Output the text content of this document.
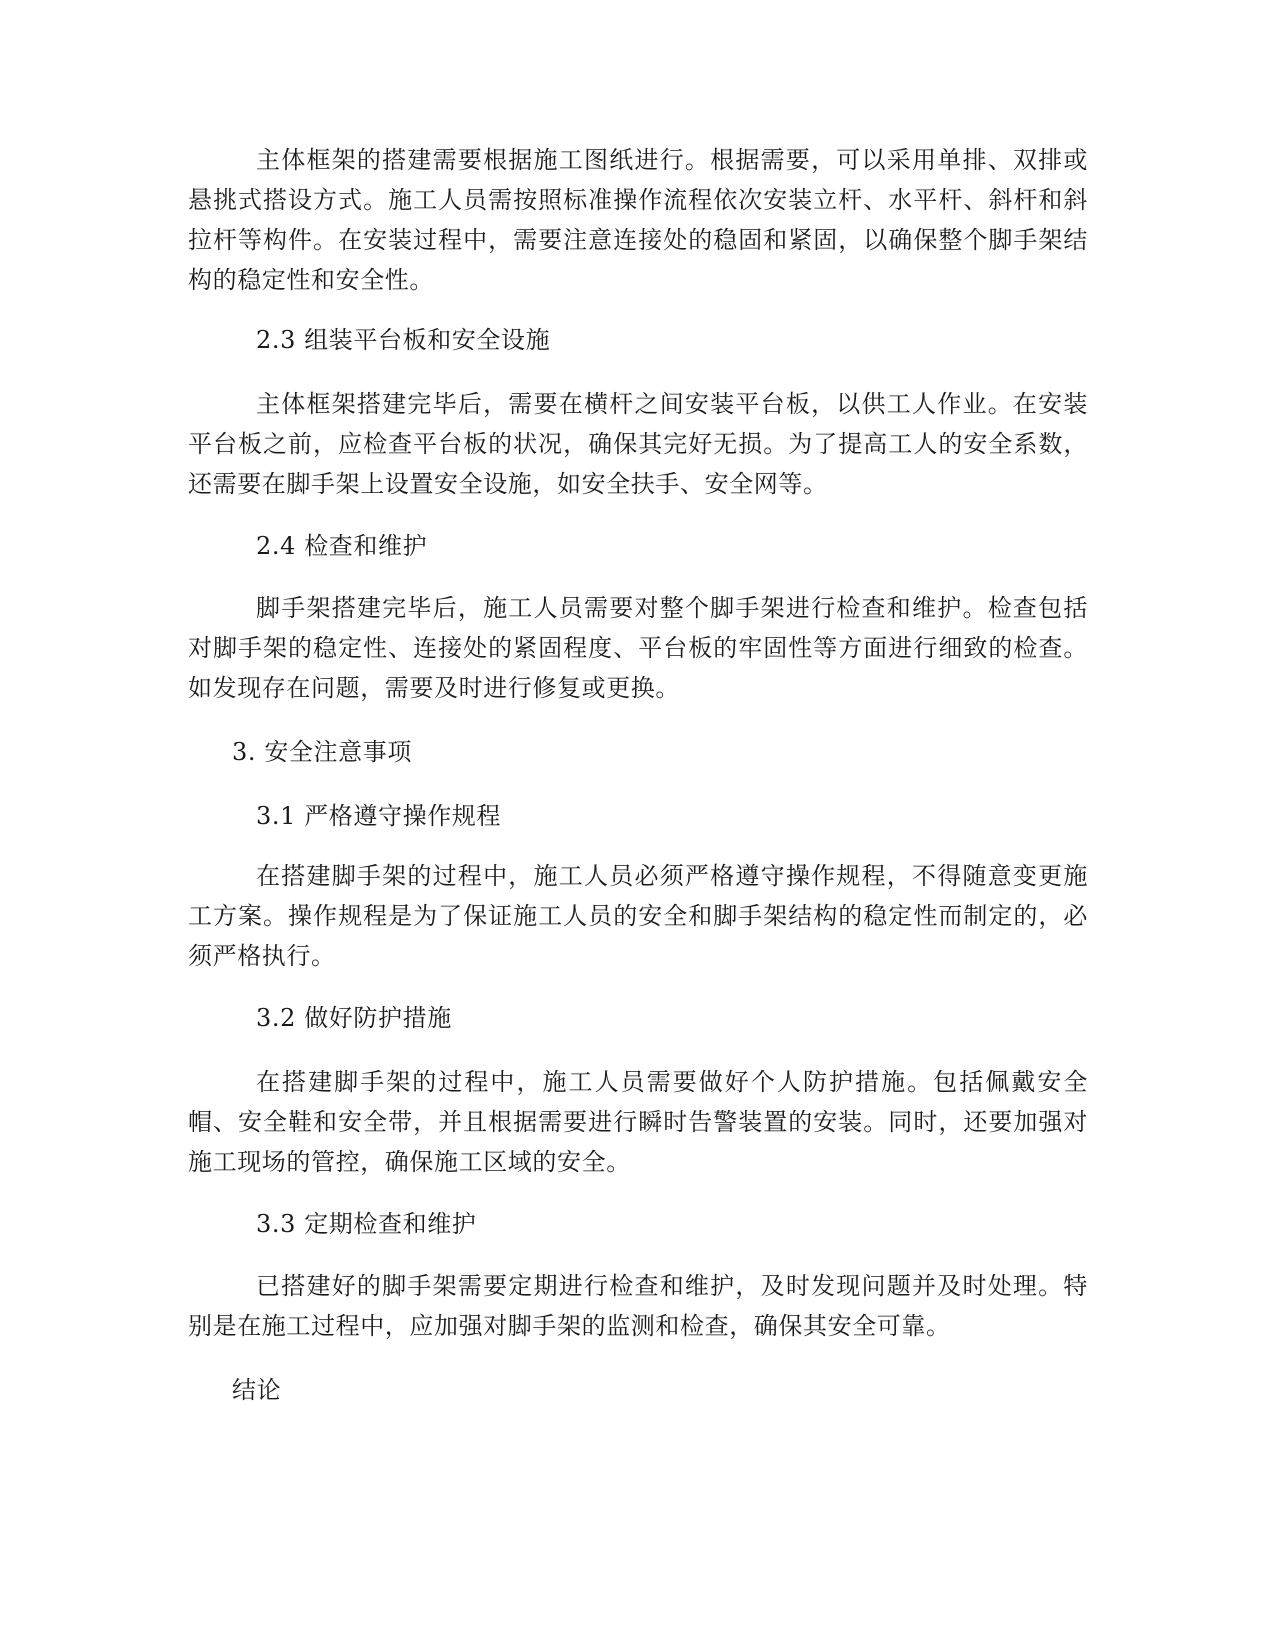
主体框架的搭建需要根据施工图纸进行。根据需要，可以采用单排、双排或悬挑式搭设方式。施工人员需按照标准操作流程依次安装立杆、水平杆、斜杆和斜拉杆等构件。在安装过程中，需要注意连接处的稳固和紧固，以确保整个脚手架结构的稳定性和安全性。

2.3 组装平台板和安全设施

主体框架搭建完毕后，需要在横杆之间安装平台板，以供工人作业。在安装平台板之前，应检查平台板的状况，确保其完好无损。为了提高工人的安全系数，还需要在脚手架上设置安全设施，如安全扶手、安全网等。

2.4 检查和维护

脚手架搭建完毕后，施工人员需要对整个脚手架进行检查和维护。检查包括对脚手架的稳定性、连接处的紧固程度、平台板的牢固性等方面进行细致的检查。如发现存在问题，需要及时进行修复或更换。

3. 安全注意事项

3.1 严格遵守操作规程

在搭建脚手架的过程中，施工人员必须严格遵守操作规程，不得随意变更施工方案。操作规程是为了保证施工人员的安全和脚手架结构的稳定性而制定的，必须严格执行。

3.2 做好防护措施

在搭建脚手架的过程中，施工人员需要做好个人防护措施。包括佩戴安全帽、安全鞋和安全带，并且根据需要进行瞬时告警装置的安装。同时，还要加强对施工现场的管控，确保施工区域的安全。

3.3 定期检查和维护

已搭建好的脚手架需要定期进行检查和维护，及时发现问题并及时处理。特别是在施工过程中，应加强对脚手架的监测和检查，确保其安全可靠。

结论
